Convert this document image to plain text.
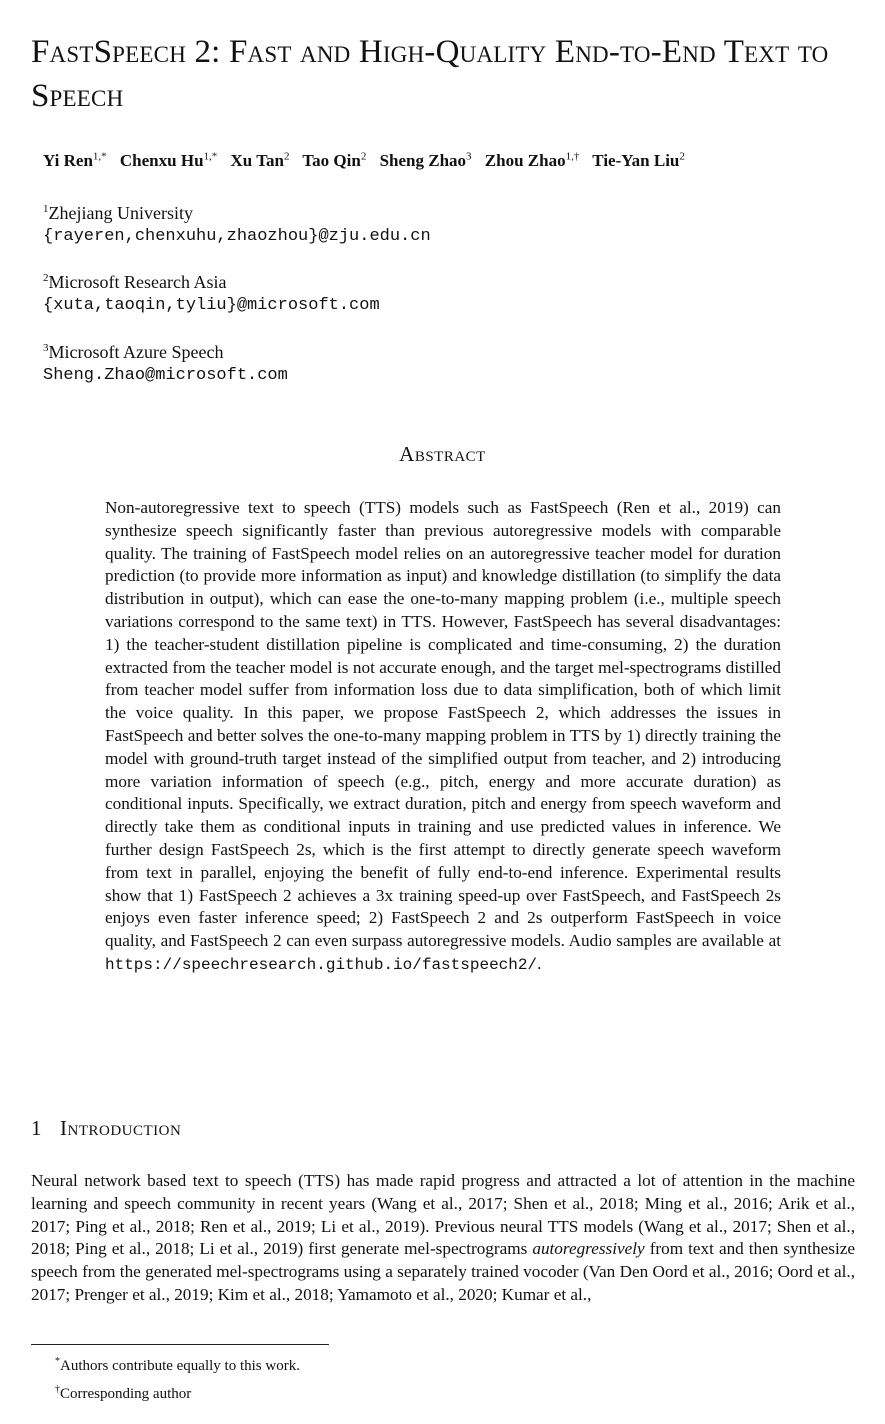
FastSpeech 2: Fast and High-Quality End-to-End Text to Speech
Yi Ren$^{1,*}$ Chenxu $Hu^{1,*}$ Xu Tan$^2$ Tao Qin$^2$ Sheng Zhao$^3$ Zhou Zhao$^{1,\dagger}$ Tie-Yan Liu$^2$
$^1$Zhejiang University
{rayeren,chenxuhu,zhaozhou}@zju.edu.cn
$^2$Microsoft Research Asia
{xuta,taoqin,tyliu}@microsoft.com
$^3$Microsoft Azure Speech
Sheng.Zhao@microsoft.com
Abstract

Non-autoregressive text to speech (TTS) models such as FastSpeech (Ren et al., 2019) can synthesize speech significantly faster than previous autoregressive models with comparable quality. The training of FastSpeech model relies on an autoregressive teacher model for duration prediction (to provide more information as input) and knowledge distillation (to simplify the data distribution in output), which can ease the one-to-many mapping problem (i.e., multiple speech variations correspond to the same text) in TTS. However, FastSpeech has several disadvantages: 1) the teacher-student distillation pipeline is complicated and time-consuming, 2) the duration extracted from the teacher model is not accurate enough, and the target mel-spectrograms distilled from teacher model suffer from information loss due to data simplification, both of which limit the voice quality. In this paper, we propose FastSpeech 2, which addresses the issues in FastSpeech and better solves the one-to-many mapping problem in TTS by 1) directly training the model with ground-truth target instead of the simplified output from teacher, and 2) introducing more variation information of speech (e.g., pitch, energy and more accurate duration) as conditional inputs. Specifically, we extract duration, pitch and energy from speech waveform and directly take them as conditional inputs in training and use predicted values in inference. We further design FastSpeech 2s, which is the first attempt to directly generate speech waveform from text in parallel, enjoying the benefit of fully end-to-end inference. Experimental results show that 1) FastSpeech 2 achieves a 3x training speed-up over FastSpeech, and FastSpeech 2s enjoys even faster inference speed; 2) FastSpeech 2 and 2s outperform FastSpeech in voice quality, and FastSpeech 2 can even surpass autoregressive models. Audio samples are available at https://speechresearch.github.io/fastspeech2/.

1 Introduction

Neural network based text to speech (TTS) has made rapid progress and attracted a lot of attention in the machine learning and speech community in recent years (Wang et al., 2017; Shen et al., 2018; Ming et al., 2016; Arik et al., 2017; Ping et al., 2018; Ren et al., 2019; Li et al., 2019). Previous neural TTS models (Wang et al., 2017; Shen et al., 2018; Ping et al., 2018; Li et al., 2019) first generate mel-spectrograms autoregressively from text and then synthesize speech from the generated mel-spectrograms using a separately trained vocoder (Van Den Oord et al., 2016; Oord et al., 2017; Prenger et al., 2019; Kim et al., 2018; Yamamoto et al., 2020; Kumar et al.,

*Authors contribute equally to this work.
†Corresponding author
